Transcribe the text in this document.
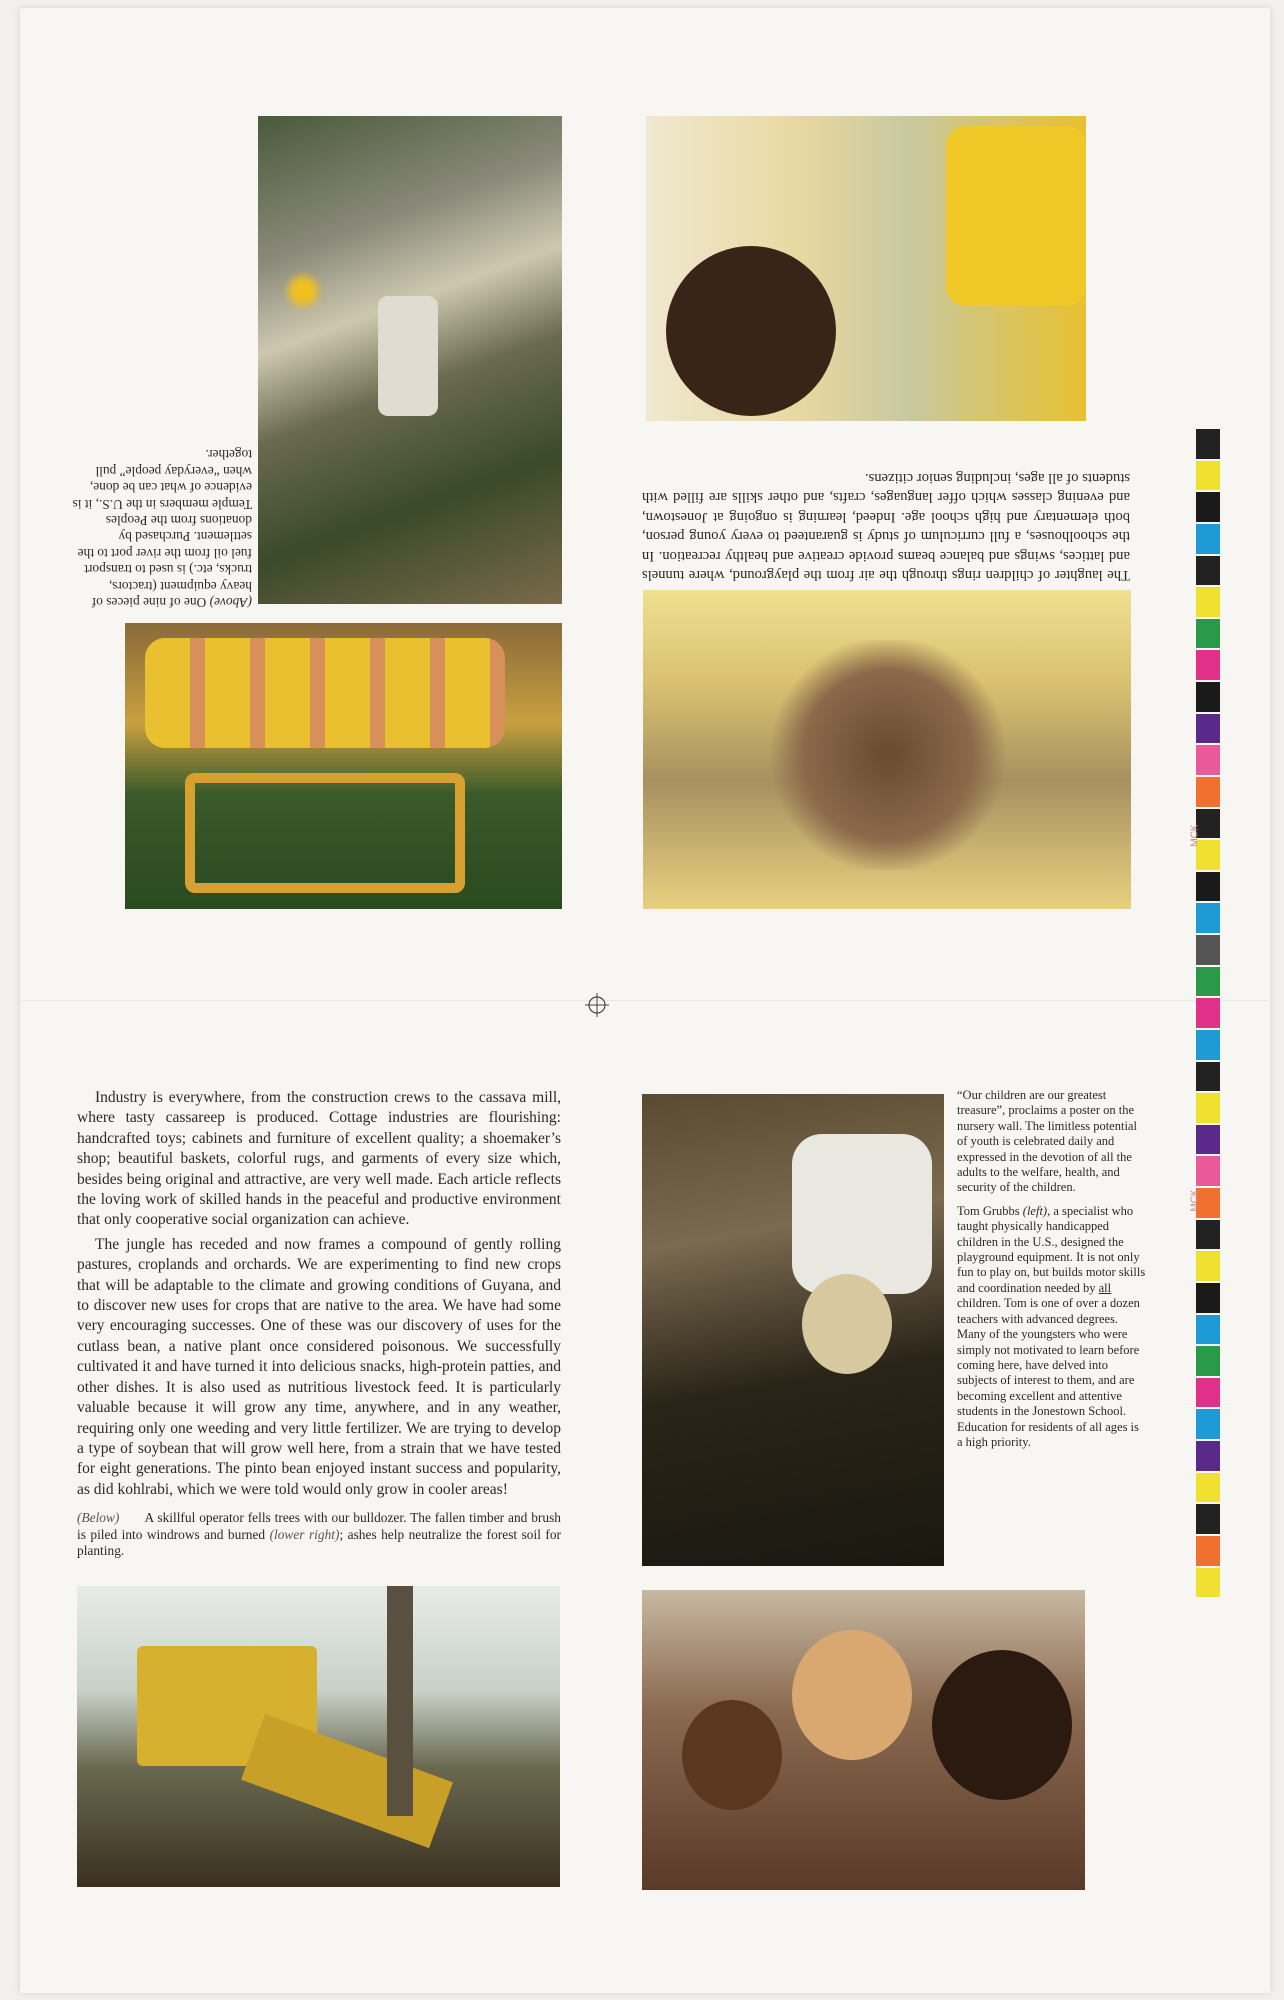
(Above) One of nine pieces of heavy equipment (tractors, trucks, etc.) is used to transport fuel oil from the river port to the settlement. Purchased by donations from the Peoples Temple members in the U.S., it is evidence of what can be done, when “everyday people” pull together.
The laughter of children rings through the air from the playground, where tunnels and lattices, swings and balance beams provide creative and healthy recreation. In the schoolhouses, a full curriculum of study is guaranteed to every young person, both elementary and high school age. Indeed, learning is ongoing at Jonestown, and evening classes which offer languages, crafts, and other skills are filled with students of all ages, including senior citizens.

Industry is everywhere, from the construction crews to the cassava mill, where tasty cassareep is produced. Cottage industries are flourishing: handcrafted toys; cabinets and furniture of excellent quality; a shoemaker’s shop; beautiful baskets, colorful rugs, and garments of every size which, besides being original and attractive, are very well made. Each article reflects the loving work of skilled hands in the peaceful and productive environment that only cooperative social organization can achieve.

The jungle has receded and now frames a compound of gently rolling pastures, croplands and orchards. We are experimenting to find new crops that will be adaptable to the climate and growing conditions of Guyana, and to discover new uses for crops that are native to the area. We have had some very encouraging successes. One of these was our discovery of uses for the cutlass bean, a native plant once considered poisonous. We successfully cultivated it and have turned it into delicious snacks, high-protein patties, and other dishes. It is also used as nutritious livestock feed. It is particularly valuable because it will grow any time, anywhere, and in any weather, requiring only one weeding and very little fertilizer. We are trying to develop a type of soybean that will grow well here, from a strain that we have tested for eight generations. The pinto bean enjoyed instant success and popularity, as did kohlrabi, which we were told would only grow in cooler areas!

(Below) A skillful operator fells trees with our bulldozer. The fallen timber and brush is piled into windrows and burned (lower right); ashes help neutralize the forest soil for planting.

“Our children are our greatest treasure”, proclaims a poster on the nursery wall. The limitless potential of youth is celebrated daily and expressed in the devotion of all the adults to the welfare, health, and security of the children.

Tom Grubbs (left), a specialist who taught physically handicapped children in the U.S., designed the playground equipment. It is not only fun to play on, but builds motor skills and coordination needed by all children. Tom is one of over a dozen teachers with advanced degrees. Many of the youngsters who were simply not motivated to learn before coming here, have delved into subjects of interest to them, and are becoming excellent and attentive students in the Jonestown School. Education for residents of all ages is a high priority.

MCK
MCK
